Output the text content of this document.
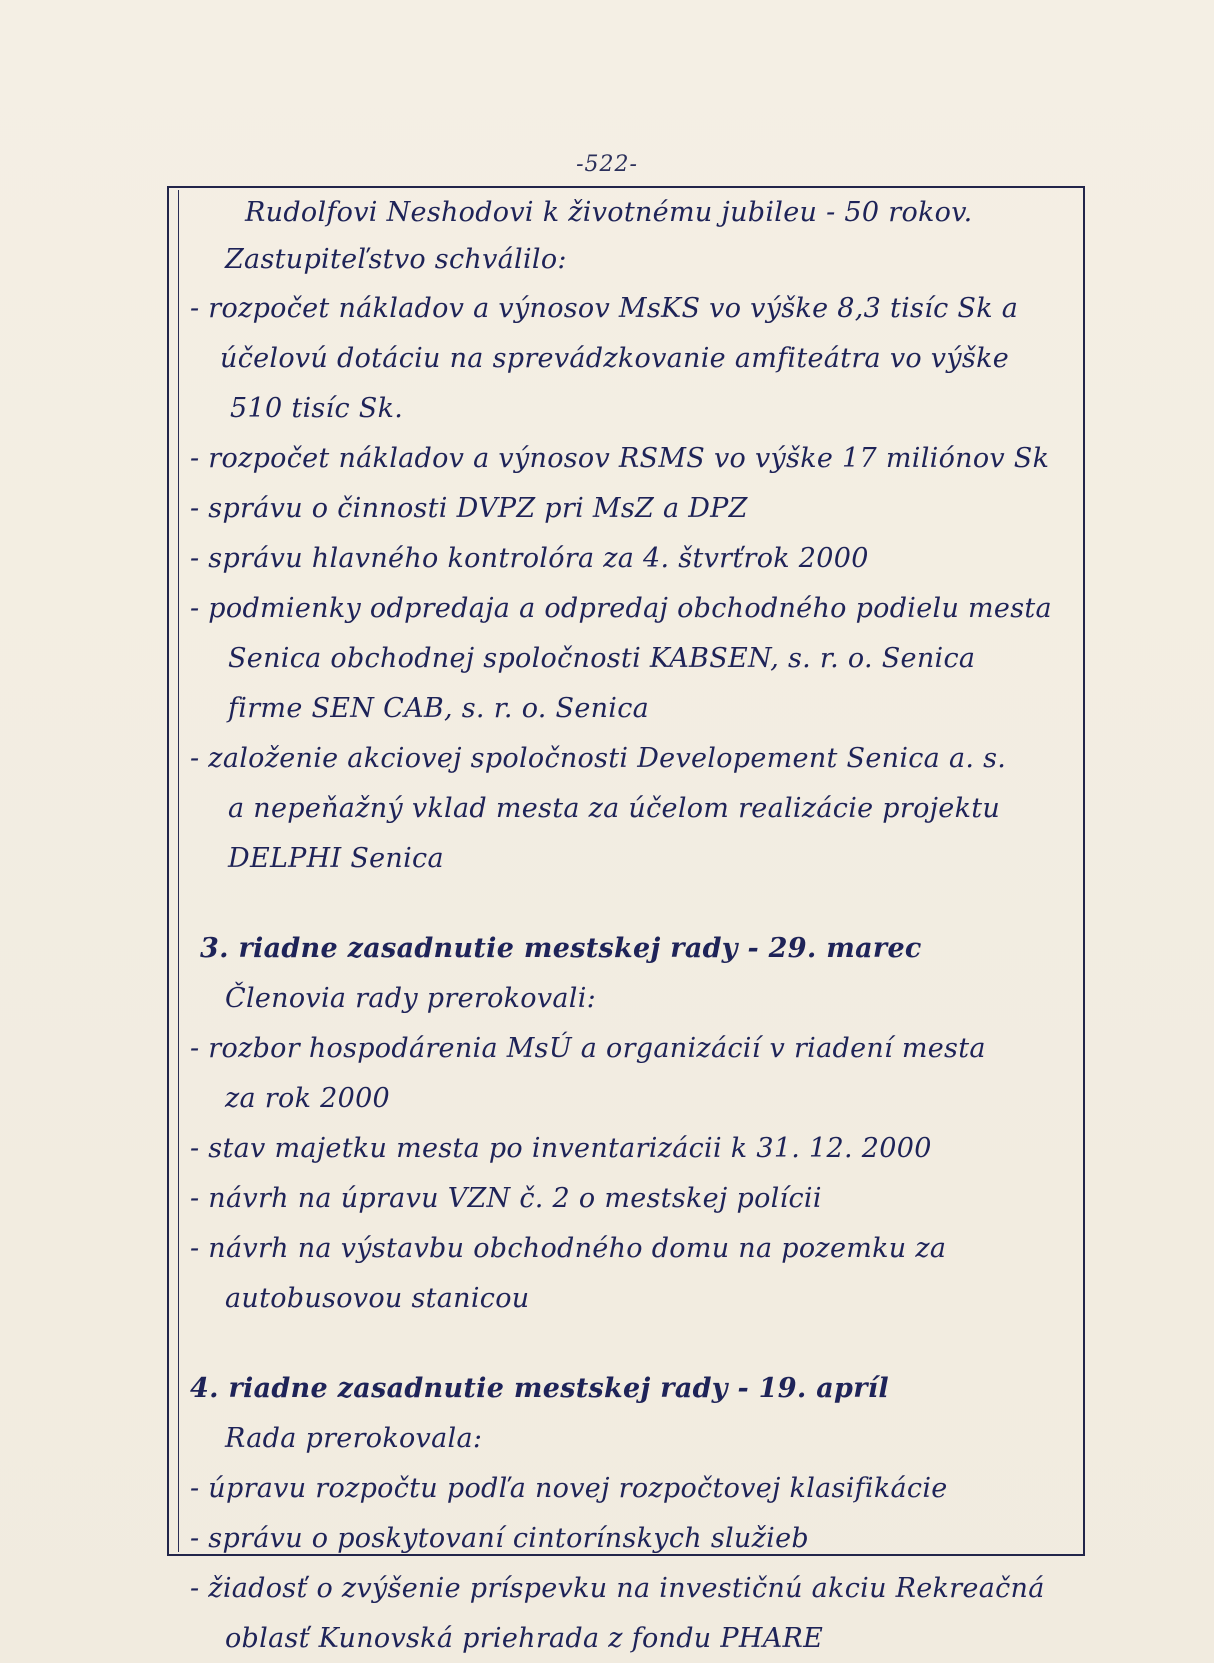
-522-
Rudolfovi Neshodovi k životnému jubileu - 50 rokov.
Zastupiteľstvo schválilo:
- rozpočet nákladov a výnosov MsKS vo výške 8,3 tisíc Sk a
účelovú dotáciu na sprevádzkovanie amfiteátra vo výške
510 tisíc Sk.
- rozpočet nákladov a výnosov RSMS vo výške 17 miliónov Sk
- správu o činnosti DVPZ pri MsZ a DPZ
- správu hlavného kontrolóra za 4. štvrťrok 2000
- podmienky odpredaja a odpredaj obchodného podielu mesta
Senica obchodnej spoločnosti KABSEN, s. r. o. Senica
firme SEN CAB, s. r. o. Senica
- založenie akciovej spoločnosti Developement Senica a. s.
a nepeňažný vklad mesta za účelom realizácie projektu
DELPHI Senica
3. riadne zasadnutie mestskej rady - 29. marec
Členovia rady prerokovali:
- rozbor hospodárenia MsÚ a organizácií v riadení mesta
za rok 2000
- stav majetku mesta po inventarizácii k 31. 12. 2000
- návrh na úpravu VZN č. 2 o mestskej polícii
- návrh na výstavbu obchodného domu na pozemku za
autobusovou stanicou
4. riadne zasadnutie mestskej rady - 19. apríl
Rada prerokovala:
- úpravu rozpočtu podľa novej rozpočtovej klasifikácie
- správu o poskytovaní cintorínskych služieb
- žiadosť o zvýšenie príspevku na investičnú akciu Rekreačná
oblasť Kunovská priehrada z fondu PHARE
